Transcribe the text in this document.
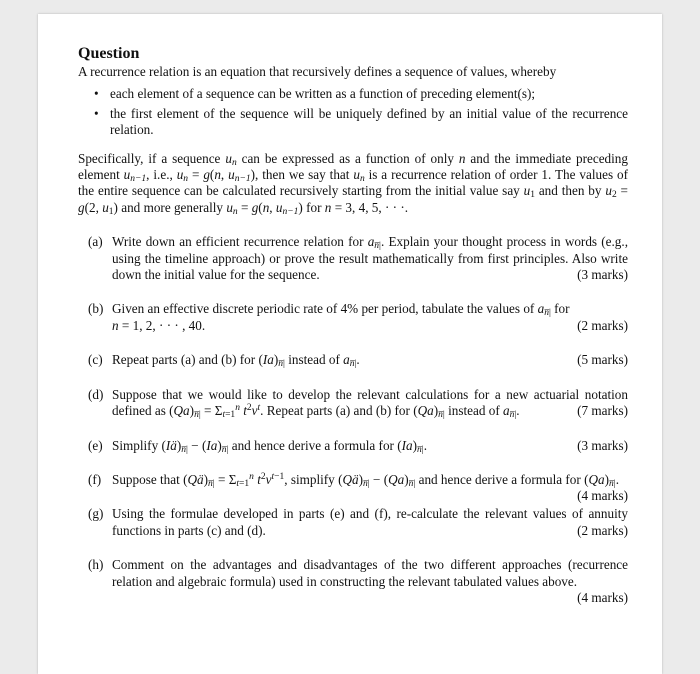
Question

A recurrence relation is an equation that recursively defines a sequence of values, whereby

• each element of a sequence can be written as a function of preceding element(s);
• the first element of the sequence will be uniquely defined by an initial value of the recurrence relation.

Specifically, if a sequence $u_n$ can be expressed as a function of only n and the immediate preceding element $u_{n-1}$, i.e., $u_n = g(n$, $u_{n-1}$), then we say that $u_n$ is a recurrence relation of order 1. The values of the entire sequence can be calculated recursively starting from the initial value say $u_1$ and then by $u_2 = g(2$, $u_1$) and more generally $u_n = g(n$, $u_{n-1}$) for n = 3, 4, 5, · · ·.

(a) Write down an efficient recurrence relation for $a_{n̅|}$. Explain your thought process in words (e.g., using the timeline approach) or prove the result mathematically from first principles. Also write down the initial value for the sequence.	(3 marks)
(b) Given an effective discrete periodic rate of 4% per period, tabulate the values of $a_{n̅|}$ for
n = 1, 2, · · · , 40.	(2 marks)
(c) Repeat parts (a) and (b) for $(Ia)_{n̅|}$ instead of $a_{n̅|}$.	(5 marks)
(d) Suppose that we would like to develop the relevant calculations for a new actuarial notation defined as $(Qa)_{n̅|} = \Sigma_{t=1}^n$ $t^2v^t$. Repeat parts (a) and (b) for $(Qa)_{n̅|}$ instead of $a_{n̅|}$.	(7 marks)
(e) Simplify $(Iä)_{n̅|} - (Ia)_{n̅|}$ and hence derive a formula for $(Ia)_{n̅|}$.	(3 marks)
(f) Suppose that $(Qä)_{n̅|} = \Sigma_{t=1}^n$ $t^2v^{t-1}$, simplify $(Qä)_{n̅|} - (Qa)_{n̅|}$ and hence derive a formula for $(Qa)_{n̅|}$.
(4 marks)
(g) Using the formulae developed in parts (e) and (f), re-calculate the relevant values of annuity functions in parts (c) and (d).	(2 marks)
(h) Comment on the advantages and disadvantages of the two different approaches (recurrence relation and algebraic formula) used in constructing the relevant tabulated values above.
(4 marks)
